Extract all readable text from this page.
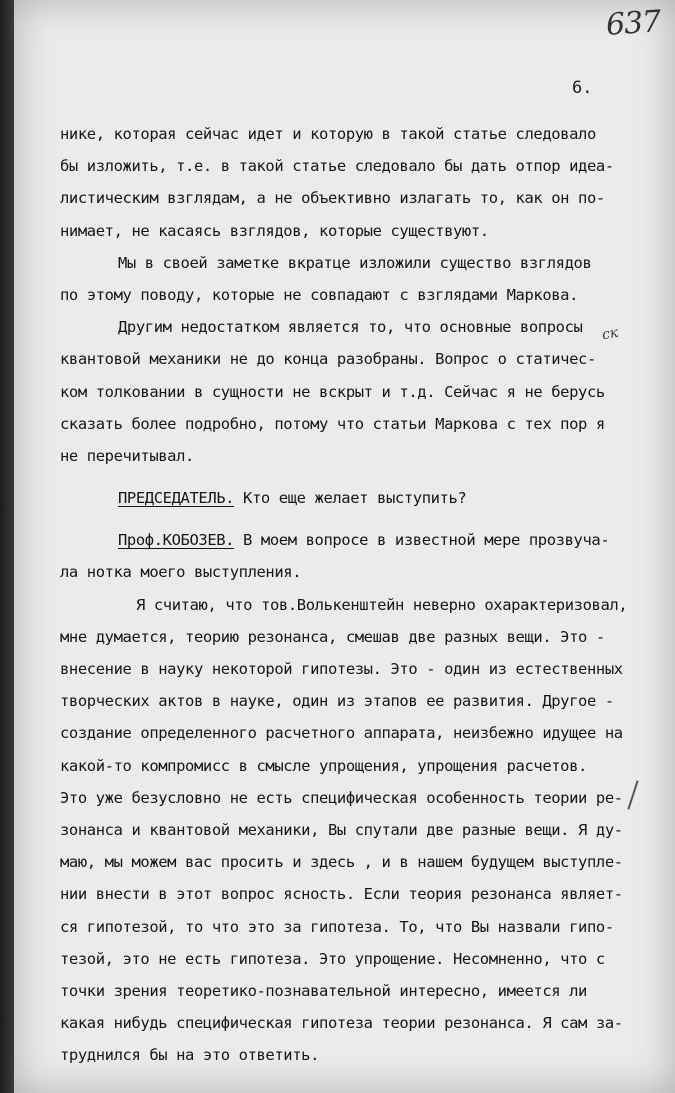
637
6.
ск
нике, которая сейчас идет и которую в такой статье следовало
бы изложить, т.е. в такой статье следовало бы дать отпор идеа-
листическим взглядам, а не объективно излагать то, как он по-
нимает, не касаясь взглядов, которые существуют.
Мы в своей заметке вкратце изложили существо взглядов
по этому поводу, которые не совпадают с взглядами Маркова.
Другим недостатком является то, что основные вопросы
квантовой механики не до конца разобраны. Вопрос о статичес-
ком толковании в сущности не вскрыт и т.д. Сейчас я не берусь
сказать более подробно, потому что статьи Маркова с тех пор я
не перечитывал.
ПРЕДСЕДАТЕЛЬ. Кто еще желает выступить?
Проф.КОБОЗЕВ. В моем вопросе в известной мере прозвуча-
ла нотка моего выступления.
Я считаю, что тов.Волькенштейн неверно охарактеризовал,
мне думается, теорию резонанса, смешав две разных вещи. Это -
внесение в науку некоторой гипотезы. Это - один из естественных
творческих актов в науке, один из этапов ее развития. Другое -
создание определенного расчетного аппарата, неизбежно идущее на
какой-то компромисс в смысле упрощения, упрощения расчетов.
Это уже безусловно не есть специфическая особенность теории ре-
зонанса и квантовой механики, Вы спутали две разные вещи. Я ду-
маю, мы можем вас просить и здесь , и в нашем будущем выступле-
нии внести в этот вопрос ясность. Если теория резонанса являет-
ся гипотезой, то что это за гипотеза. То, что Вы назвали гипо-
тезой, это не есть гипотеза. Это упрощение. Несомненно, что с
точки зрения теоретико-познавательной интересно, имеется ли
какая нибудь специфическая гипотеза теории резонанса. Я сам за-
труднился бы на это ответить.
